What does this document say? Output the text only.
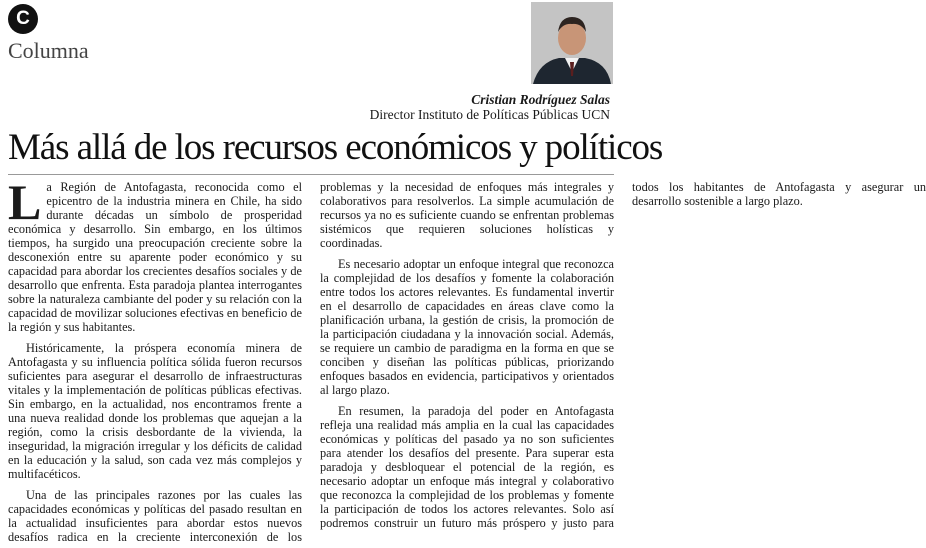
C
Columna
Cristian Rodríguez Salas
Director Instituto de Políticas Públicas UCN
Más allá de los recursos económicos y políticos

La Región de Antofagasta, reconocida como el epicentro de la industria minera en Chile, ha sido durante décadas un símbolo de prosperidad económica y desarrollo. Sin embargo, en los últimos tiempos, ha surgido una preocupación creciente sobre la desconexión entre su aparente poder económico y su capacidad para abordar los crecientes desafíos sociales y de desarrollo que enfrenta. Esta paradoja plantea interrogantes sobre la naturaleza cambiante del poder y su relación con la capacidad de movilizar soluciones efectivas en beneficio de la región y sus habitantes.

Históricamente, la próspera economía minera de Antofagasta y su influencia política sólida fueron recursos suficientes para asegurar el desarrollo de infraestructuras vitales y la implementación de políticas públicas efectivas. Sin embargo, en la actualidad, nos encontramos frente a una nueva realidad donde los problemas que aquejan a la región, como la crisis desbordante de la vivienda, la inseguridad, la migración irregular y los déficits de calidad en la educación y la salud, son cada vez más complejos y multifacéticos.

Una de las principales razones por las cuales las capacidades económicas y políticas del pasado resultan en la actualidad insuficientes para abordar estos nuevos desafíos radica en la creciente interconexión de los problemas y la necesidad de enfoques más integrales y colaborativos para resolverlos. La simple acumulación de recursos ya no es suficiente cuando se enfrentan problemas sistémicos que requieren soluciones holísticas y coordinadas.

Es necesario adoptar un enfoque integral que reconozca la complejidad de los desafíos y fomente la colaboración entre todos los actores relevantes. Es fundamental invertir en el desarrollo de capacidades en áreas clave como la planificación urbana, la gestión de crisis, la promoción de la participación ciudadana y la innovación social. Además, se requiere un cambio de paradigma en la forma en que se conciben y diseñan las políticas públicas, priorizando enfoques basados en evidencia, participativos y orientados al largo plazo.

En resumen, la paradoja del poder en Antofagasta refleja una realidad más amplia en la cual las capacidades económicas y políticas del pasado ya no son suficientes para atender los desafíos del presente. Para superar esta paradoja y desbloquear el potencial de la región, es necesario adoptar un enfoque más integral y colaborativo que reconozca la complejidad de los problemas y fomente la participación de todos los actores relevantes. Solo así podremos construir un futuro más próspero y justo para todos los habitantes de Antofagasta y asegurar un desarrollo sostenible a largo plazo.
